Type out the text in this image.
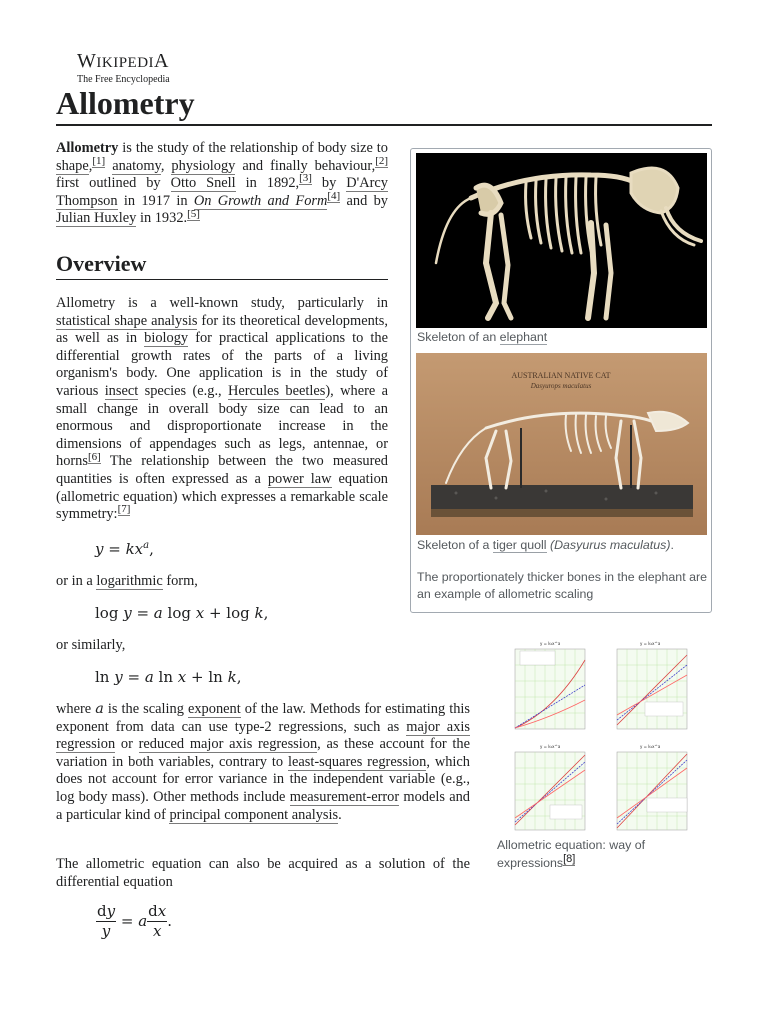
WIKIPEDIA
The Free Encyclopedia
Allometry

Allometry is the study of the relationship of body size to shape,[1] anatomy, physiology and finally behaviour,[2] first outlined by Otto Snell in 1892,[3] by D'Arcy Thompson in 1917 in On Growth and Form[4] and by Julian Huxley in 1932.[5]

Overview

Allometry is a well-known study, particularly in statistical shape analysis for its theoretical developments, as well as in biology for practical applications to the differential growth rates of the parts of a living organism's body. One application is in the study of various insect species (e.g., Hercules beetles), where a small change in overall body size can lead to an enormous and disproportionate increase in the dimensions of appendages such as legs, antennae, or horns[6] The relationship between the two measured quantities is often expressed as a power law equation (allometric equation) which expresses a remarkable scale symmetry:[7]

$y = kx^a$,
or in a logarithmic form,
log y = a log x + log k,
or similarly,
ln y = a ln x + ln k,

where a is the scaling exponent of the law. Methods for estimating this exponent from data can use type-2 regressions, such as major axis regression or reduced major axis regression, as these account for the variation in both variables, contrary to least-squares regression, which does not account for error variance in the independent variable (e.g., log body mass). Other methods include measurement-error models and a particular kind of principal component analysis.

The allometric equation can also be acquired as a solution of the differential equation

$\frac{dy}{y} = a \frac{dx}{x}$ .
Skeleton of an elephant
AUSTRALIAN NATIVE CAT
Dasyurops maculatus
Skeleton of a tiger quoll (Dasyurus maculatus).
The proportionately thicker bones in the elephant are an example of allometric scaling
y = k₀x^a	y = k₀x^a
y = k₀x^a	y = k₀x^a
Allometric equation: way of expressions[8]
